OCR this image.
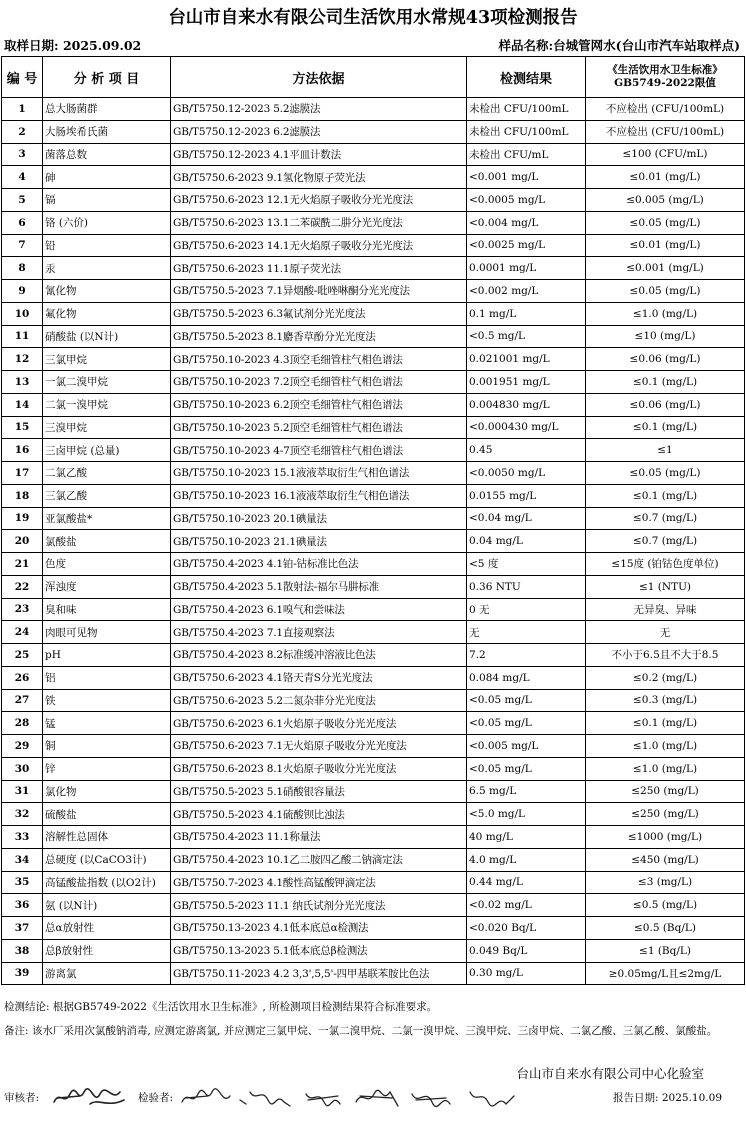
台山市自来水有限公司生活饮用水常规43项检测报告
取样日期: 2025.09.02	样品名称:台城管网水(台山市汽车站取样点)
编 号	分 析 项 目	方法依据	检测结果	《生活饮用水卫生标准》
GB5749-2022限值

1	总大肠菌群	GB/T5750.12-2023 5.2滤膜法	未检出 CFU/100mL	不应检出 (CFU/100mL)
2	大肠埃希氏菌	GB/T5750.12-2023 6.2滤膜法	未检出 CFU/100mL	不应检出 (CFU/100mL)
3	菌落总数	GB/T5750.12-2023 4.1平皿计数法	未检出 CFU/mL	≤100 (CFU/mL)
4	砷	GB/T5750.6-2023 9.1氢化物原子荧光法	<0.001 mg/L	≤0.01 (mg/L)
5	镉	GB/T5750.6-2023 12.1无火焰原子吸收分光光度法	<0.0005 mg/L	≤0.005 (mg/L)
6	铬 (六价)	GB/T5750.6-2023 13.1二苯碳酰二肼分光光度法	<0.004 mg/L	≤0.05 (mg/L)
7	铅	GB/T5750.6-2023 14.1无火焰原子吸收分光光度法	<0.0025 mg/L	≤0.01 (mg/L)
8	汞	GB/T5750.6-2023 11.1原子荧光法	0.0001 mg/L	≤0.001 (mg/L)
9	氰化物	GB/T5750.5-2023 7.1异烟酸-吡唑啉酮分光光度法	<0.002 mg/L	≤0.05 (mg/L)
10	氟化物	GB/T5750.5-2023 6.3氟试剂分光光度法	0.1 mg/L	≤1.0 (mg/L)
11	硝酸盐 (以N计)	GB/T5750.5-2023 8.1麝香草酚分光光度法	<0.5 mg/L	≤10 (mg/L)
12	三氯甲烷	GB/T5750.10-2023 4.3顶空毛细管柱气相色谱法	0.021001 mg/L	≤0.06 (mg/L)
13	一氯二溴甲烷	GB/T5750.10-2023 7.2顶空毛细管柱气相色谱法	0.001951 mg/L	≤0.1 (mg/L)
14	二氯一溴甲烷	GB/T5750.10-2023 6.2顶空毛细管柱气相色谱法	0.004830 mg/L	≤0.06 (mg/L)
15	三溴甲烷	GB/T5750.10-2023 5.2顶空毛细管柱气相色谱法	<0.000430 mg/L	≤0.1 (mg/L)
16	三卤甲烷 (总量)	GB/T5750.10-2023 4-7顶空毛细管柱气相色谱法	0.45	≤1
17	二氯乙酸	GB/T5750.10-2023 15.1液液萃取衍生气相色谱法	<0.0050 mg/L	≤0.05 (mg/L)
18	三氯乙酸	GB/T5750.10-2023 16.1液液萃取衍生气相色谱法	0.0155 mg/L	≤0.1 (mg/L)
19	亚氯酸盐*	GB/T5750.10-2023 20.1碘量法	<0.04 mg/L	≤0.7 (mg/L)
20	氯酸盐	GB/T5750.10-2023 21.1碘量法	0.04 mg/L	≤0.7 (mg/L)
21	色度	GB/T5750.4-2023 4.1铂-钴标准比色法	<5 度	≤15度 (铂钴色度单位)
22	浑浊度	GB/T5750.4-2023 5.1散射法-福尔马肼标准	0.36 NTU	≤1 (NTU)
23	臭和味	GB/T5750.4-2023 6.1嗅气和尝味法	0 无	无异臭、异味
24	肉眼可见物	GB/T5750.4-2023 7.1直接观察法	无	无
25	pH	GB/T5750.4-2023 8.2标准缓冲溶液比色法	7.2	不小于6.5且不大于8.5
26	铝	GB/T5750.6-2023 4.1铬天青S分光光度法	0.084 mg/L	≤0.2 (mg/L)
27	铁	GB/T5750.6-2023 5.2二氮杂菲分光光度法	<0.05 mg/L	≤0.3 (mg/L)
28	锰	GB/T5750.6-2023 6.1火焰原子吸收分光光度法	<0.05 mg/L	≤0.1 (mg/L)
29	铜	GB/T5750.6-2023 7.1无火焰原子吸收分光光度法	<0.005 mg/L	≤1.0 (mg/L)
30	锌	GB/T5750.6-2023 8.1火焰原子吸收分光光度法	<0.05 mg/L	≤1.0 (mg/L)
31	氯化物	GB/T5750.5-2023 5.1硝酸银容量法	6.5 mg/L	≤250 (mg/L)
32	硫酸盐	GB/T5750.5-2023 4.1硫酸钡比浊法	<5.0 mg/L	≤250 (mg/L)
33	溶解性总固体	GB/T5750.4-2023 11.1称量法	40 mg/L	≤1000 (mg/L)
34	总硬度 (以CaCO3计)	GB/T5750.4-2023 10.1乙二胺四乙酸二钠滴定法	4.0 mg/L	≤450 (mg/L)
35	高锰酸盐指数 (以O2计)	GB/T5750.7-2023 4.1酸性高锰酸钾滴定法	0.44 mg/L	≤3 (mg/L)
36	氨 (以N计)	GB/T5750.5-2023 11.1 纳氏试剂分光光度法	<0.02 mg/L	≤0.5 (mg/L)
37	总α放射性	GB/T5750.13-2023 4.1低本底总α检测法	<0.020 Bq/L	≤0.5 (Bq/L)
38	总β放射性	GB/T5750.13-2023 5.1低本底总β检测法	0.049 Bq/L	≤1 (Bq/L)
39	游离氯	GB/T5750.11-2023 4.2 3,3',5,5'-四甲基联苯胺比色法	0.30 mg/L	≥0.05mg/L且≤2mg/L
检测结论: 根据GB5749-2022《生活饮用水卫生标准》, 所检测项目检测结果符合标准要求。
备注: 该水厂采用次氯酸钠消毒, 应测定游离氯, 并应测定三氯甲烷、一氯二溴甲烷、二氯一溴甲烷、三溴甲烷、三卤甲烷、二氯乙酸、三氯乙酸、氯酸盐。
台山市自来水有限公司中心化验室
审核者:	检验者:	报告日期: 2025.10.09
